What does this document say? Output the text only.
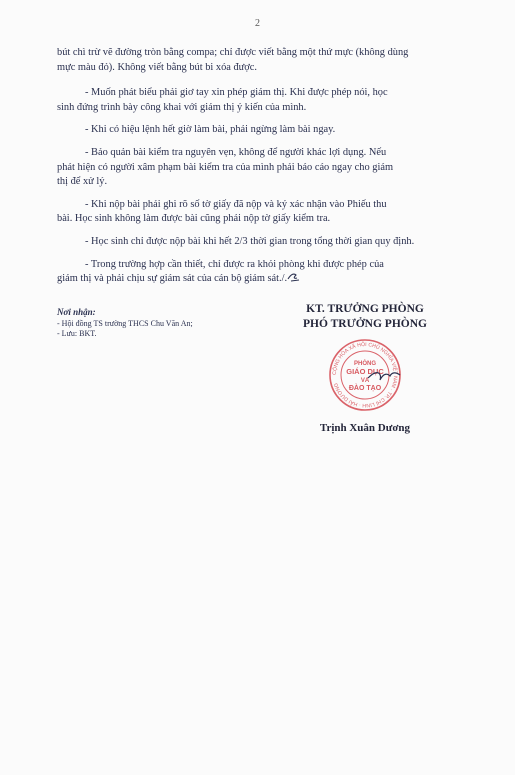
2

bút chì trừ vẽ đường tròn bằng compa; chỉ được viết bằng một thứ mực (không dùng
mực màu đỏ). Không viết bằng bút bi xóa được.

- Muốn phát biểu phải giơ tay xin phép giám thị. Khi được phép nói, học
sinh đứng trình bày công khai với giám thị ý kiến của mình.

- Khi có hiệu lệnh hết giờ làm bài, phải ngừng làm bài ngay.

- Bảo quản bài kiểm tra nguyên vẹn, không để người khác lợi dụng. Nếu
phát hiện có người xâm phạm bài kiểm tra của mình phải báo cáo ngay cho giám
thị để xử lý.

- Khi nộp bài phải ghi rõ số tờ giấy đã nộp và ký xác nhận vào Phiếu thu
bài. Học sinh không làm được bài cũng phải nộp tờ giấy kiểm tra.

- Học sinh chỉ được nộp bài khi hết 2/3 thời gian trong tổng thời gian quy định.

- Trong trường hợp cần thiết, chỉ được ra khỏi phòng khi được phép của
giám thị và phải chịu sự giám sát của cán bộ giám sát./.

Nơi nhận:
- Hội đồng TS trường THCS Chu Văn An;
- Lưu: BKT.
KT. TRƯỞNG PHÒNG
PHÓ TRƯỞNG PHÒNG
CỘNG HÒA XÃ HỘI CHỦ NGHĨA VIỆT NAM · TP. CHÍ LINH · HẢI DƯƠNG
PHÒNG
GIÁO DỤC
VÀ
ĐÀO TẠO
Trịnh Xuân Dương
